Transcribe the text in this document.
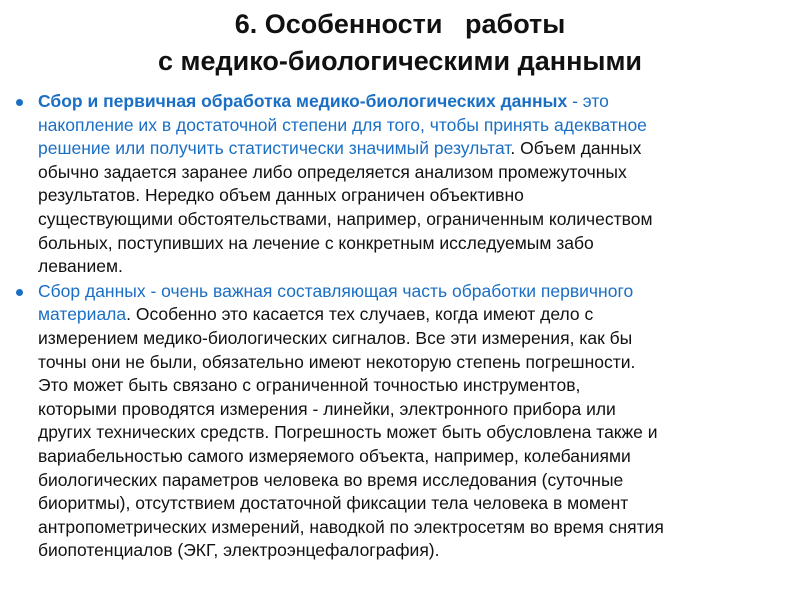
6. Особенности   работы
с медико-биологическими данными
Сбор и первичная обработка медико-биологических данных - это
накопление их в достаточной степени для того, чтобы принять адекватное
решение или получить статистически значимый результат. Объем данных
обычно задается заранее либо определяется анализом промежуточных
результатов. Нередко объем данных ограничен объективно
существующими обстоятельствами, например, ограниченным количеством
больных, поступивших на лечение с конкретным исследуемым забо
леванием.
Сбор данных - очень важная составляющая часть обработки первичного
материала. Особенно это касается тех случаев, когда имеют дело с
измерением медико-биологических сигналов. Все эти измерения, как бы
точны они не были, обязательно имеют некоторую степень погрешности.
Это может быть связано с ограниченной точностью инструментов,
которыми проводятся измерения - линейки, электронного прибора или
других технических средств. Погрешность может быть обусловлена также и
вариабельностью самого измеряемого объекта, например, колебаниями
биологических параметров человека во время исследования (суточные
биоритмы), отсутствием достаточной фиксации тела человека в момент
антропометрических измерений, наводкой по электросетям во время снятия
биопотенциалов (ЭКГ, электроэнцефалография).
